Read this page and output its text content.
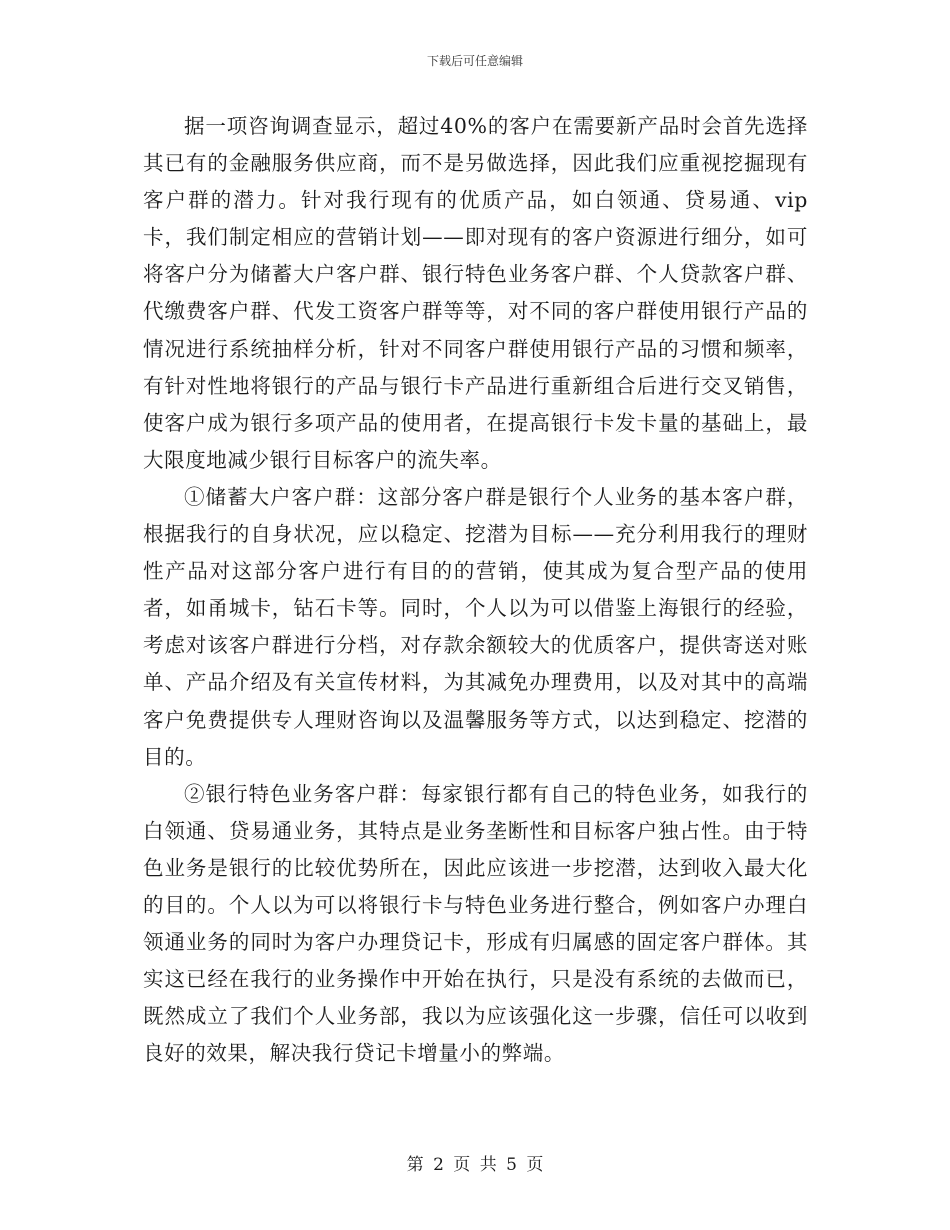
下载后可任意编辑

据一项咨询调查显示，超过40%的客户在需要新产品时会首先选择其已有的金融服务供应商，而不是另做选择，因此我们应重视挖掘现有客户群的潜力。针对我行现有的优质产品，如白领通、贷易通、vip卡，我们制定相应的营销计划——即对现有的客户资源进行细分，如可将客户分为储蓄大户客户群、银行特色业务客户群、个人贷款客户群、代缴费客户群、代发工资客户群等等，对不同的客户群使用银行产品的情况进行系统抽样分析，针对不同客户群使用银行产品的习惯和频率，有针对性地将银行的产品与银行卡产品进行重新组合后进行交叉销售，使客户成为银行多项产品的使用者，在提高银行卡发卡量的基础上，最大限度地减少银行目标客户的流失率。

①储蓄大户客户群：这部分客户群是银行个人业务的基本客户群，根据我行的自身状况，应以稳定、挖潜为目标——充分利用我行的理财性产品对这部分客户进行有目的的营销，使其成为复合型产品的使用者，如甬城卡，钻石卡等。同时，个人以为可以借鉴上海银行的经验，考虑对该客户群进行分档，对存款余额较大的优质客户，提供寄送对账单、产品介绍及有关宣传材料，为其减免办理费用，以及对其中的高端客户免费提供专人理财咨询以及温馨服务等方式，以达到稳定、挖潜的目的。

②银行特色业务客户群：每家银行都有自己的特色业务，如我行的白领通、贷易通业务，其特点是业务垄断性和目标客户独占性。由于特色业务是银行的比较优势所在，因此应该进一步挖潜，达到收入最大化的目的。个人以为可以将银行卡与特色业务进行整合，例如客户办理白领通业务的同时为客户办理贷记卡，形成有归属感的固定客户群体。其实这已经在我行的业务操作中开始在执行，只是没有系统的去做而已，既然成立了我们个人业务部，我以为应该强化这一步骤，信任可以收到良好的效果，解决我行贷记卡增量小的弊端。

第 2 页 共 5 页
